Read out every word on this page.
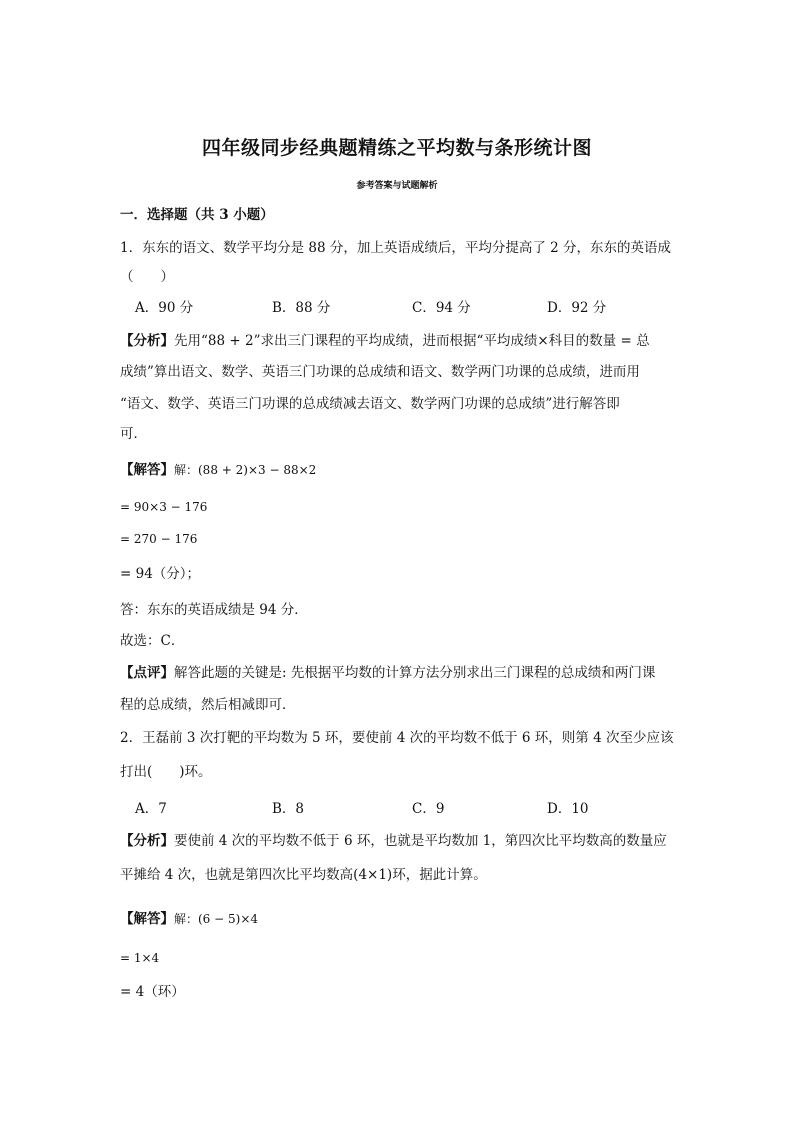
四年级同步经典题精练之平均数与条形统计图
参考答案与试题解析
一．选择题（共 3 小题）
1．东东的语文、数学平均分是 88 分，加上英语成绩后，平均分提高了 2 分，东东的英语成
（　　）
A．90 分	B．88 分	C．94 分	D．92 分
【分析】先用“88 + 2”求出三门课程的平均成绩，进而根据“平均成绩×科目的数量 = 总
成绩”算出语文、数学、英语三门功课的总成绩和语文、数学两门功课的总成绩，进而用
“语文、数学、英语三门功课的总成绩减去语文、数学两门功课的总成绩”进行解答即
可．
【解答】解：(88 + 2)×3 − 88×2
= 90×3 − 176
= 270 − 176
= 94（分）；
答：东东的英语成绩是 94 分．
故选：C．
【点评】解答此题的关键是: 先根据平均数的计算方法分别求出三门课程的总成绩和两门课
程的总成绩，然后相减即可．
2．王磊前 3 次打靶的平均数为 5 环，要使前 4 次的平均数不低于 6 环，则第 4 次至少应该
打出(　　)环。
A．7	B．8	C．9	D．10
【分析】要使前 4 次的平均数不低于 6 环，也就是平均数加 1，第四次比平均数高的数量应
平摊给 4 次，也就是第四次比平均数高(4×1)环，据此计算。
【解答】解：(6 − 5)×4
= 1×4
= 4（环）
